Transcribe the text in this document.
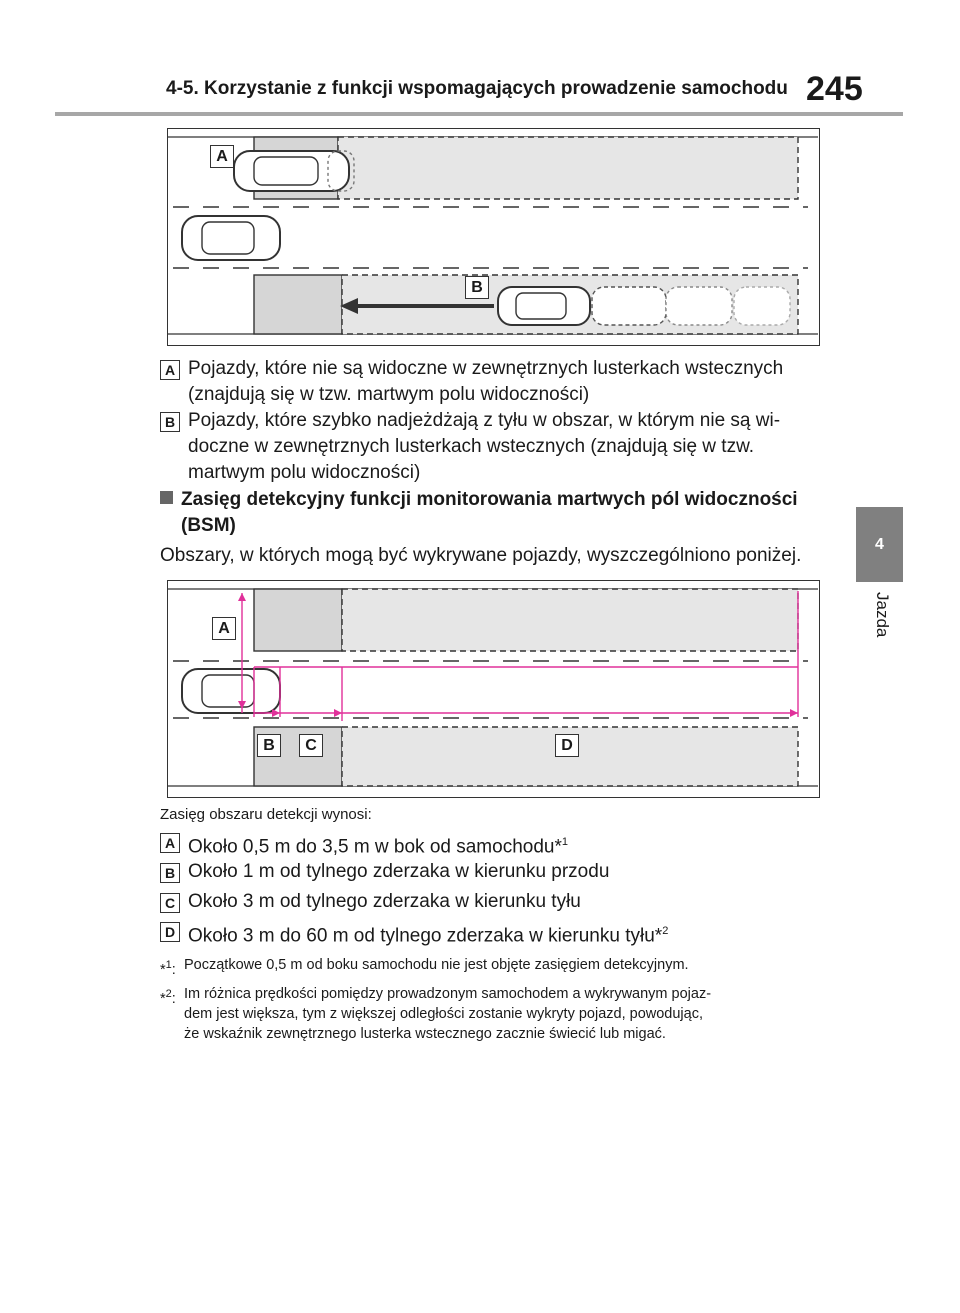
4-5. Korzystanie z funkcji wspomagających prowadzenie samochodu 245
4
Jazda
A
B
A Pojazdy, które nie są widoczne w zewnętrznych lusterkach wstecznych
(znajdują się w tzw. martwym polu widoczności)
B Pojazdy, które szybko nadjeżdżają z tyłu w obszar, w którym nie są wi-
doczne w zewnętrznych lusterkach wstecznych (znajdują się w tzw.
martwym polu widoczności)
Zasięg detekcyjny funkcji monitorowania martwych pól widoczności
(BSM)
Obszary, w których mogą być wykrywane pojazdy, wyszczególniono poniżej.
A
B	C	D
Zasięg obszaru detekcji wynosi:
A Około 0,5 m do 3,5 m w bok od samochodu*$^1$
B Około 1 m od tylnego zderzaka w kierunku przodu
C Około 3 m od tylnego zderzaka w kierunku tyłu
D Około 3 m do 60 m od tylnego zderzaka w kierunku tyłu*$^2$
*$^1$: Początkowe 0,5 m od boku samochodu nie jest objęte zasięgiem detekcyjnym.
*$^2$: Im różnica prędkości pomiędzy prowadzonym samochodem a wykrywanym pojaz-
dem jest większa, tym z większej odległości zostanie wykryty pojazd, powodując,
że wskaźnik zewnętrznego lusterka wstecznego zacznie świecić lub migać.
